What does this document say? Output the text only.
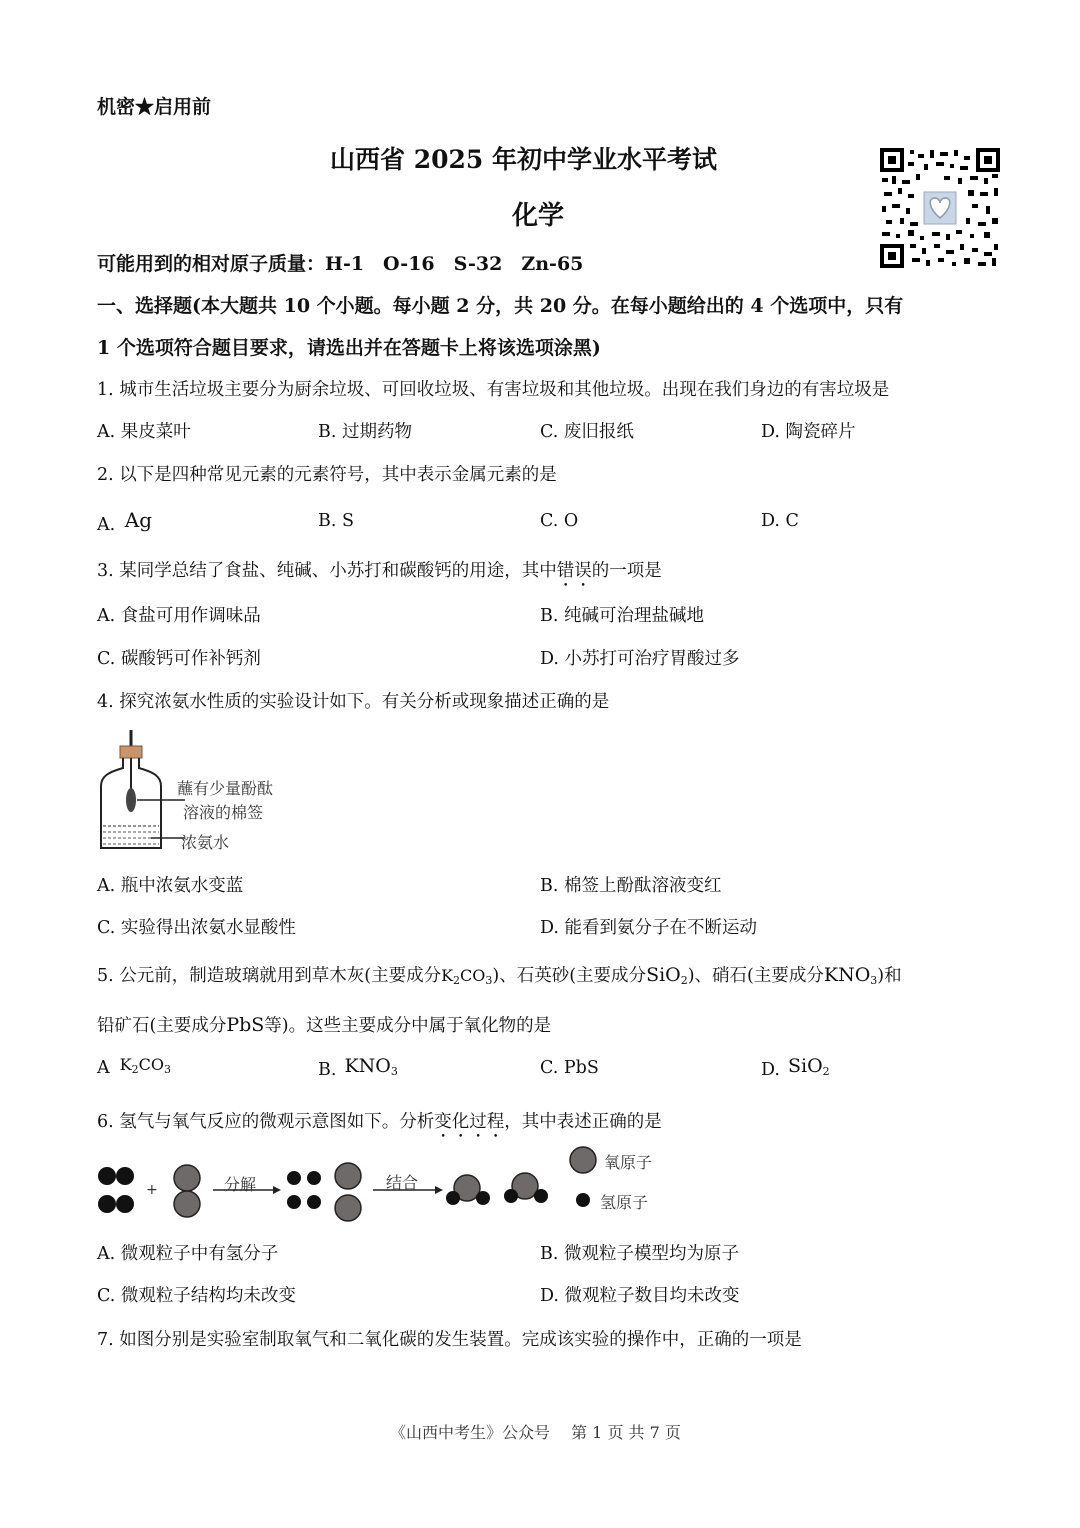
机密★启用前
山西省 2025 年初中学业水平考试
化学
可能用到的相对原子质量：H-1　O-16　S-32　Zn-65
一、选择题(本大题共 10 个小题。每小题 2 分，共 20 分。在每小题给出的 4 个选项中，只有
1 个选项符合题目要求，请选出并在答题卡上将该选项涂黑)
1. 城市生活垃圾主要分为厨余垃圾、可回收垃圾、有害垃圾和其他垃圾。出现在我们身边的有害垃圾是
A. 果皮菜叶	B. 过期药物	C. 废旧报纸	D. 陶瓷碎片
2. 以下是四种常见元素的元素符号，其中表示金属元素的是
A. Ag	B. S	C. O	D. C
3. 某同学总结了食盐、纯碱、小苏打和碳酸钙的用途，其中错误的一项是
A. 食盐可用作调味品	B. 纯碱可治理盐碱地
C. 碳酸钙可作补钙剂	D. 小苏打可治疗胃酸过多
4. 探究浓氨水性质的实验设计如下。有关分析或现象描述正确的是
蘸有少量酚酞
溶液的棉签
浓氨水
A. 瓶中浓氨水变蓝	B. 棉签上酚酞溶液变红
C. 实验得出浓氨水显酸性	D. 能看到氨分子在不断运动
5. 公元前，制造玻璃就用到草木灰(主要成分$K_2CO_3$)、石英砂(主要成分SiO$_2$)、硝石(主要成分$KNO_3$)和
铅矿石(主要成分PbS等)。这些主要成分中属于氧化物的是
A $K_2CO_3$	B. $KNO_3$	C. PbS	D. SiO$_2$
6. 氢气与氧气反应的微观示意图如下。分析变化过程，其中表述正确的是
+	分解	结合
氧原子
氢原子
A. 微观粒子中有氢分子	B. 微观粒子模型均为原子
C. 微观粒子结构均未改变	D. 微观粒子数目均未改变
7. 如图分别是实验室制取氧气和二氧化碳的发生装置。完成该实验的操作中，正确的一项是
《山西中考生》公众号　 第 1 页 共 7 页
